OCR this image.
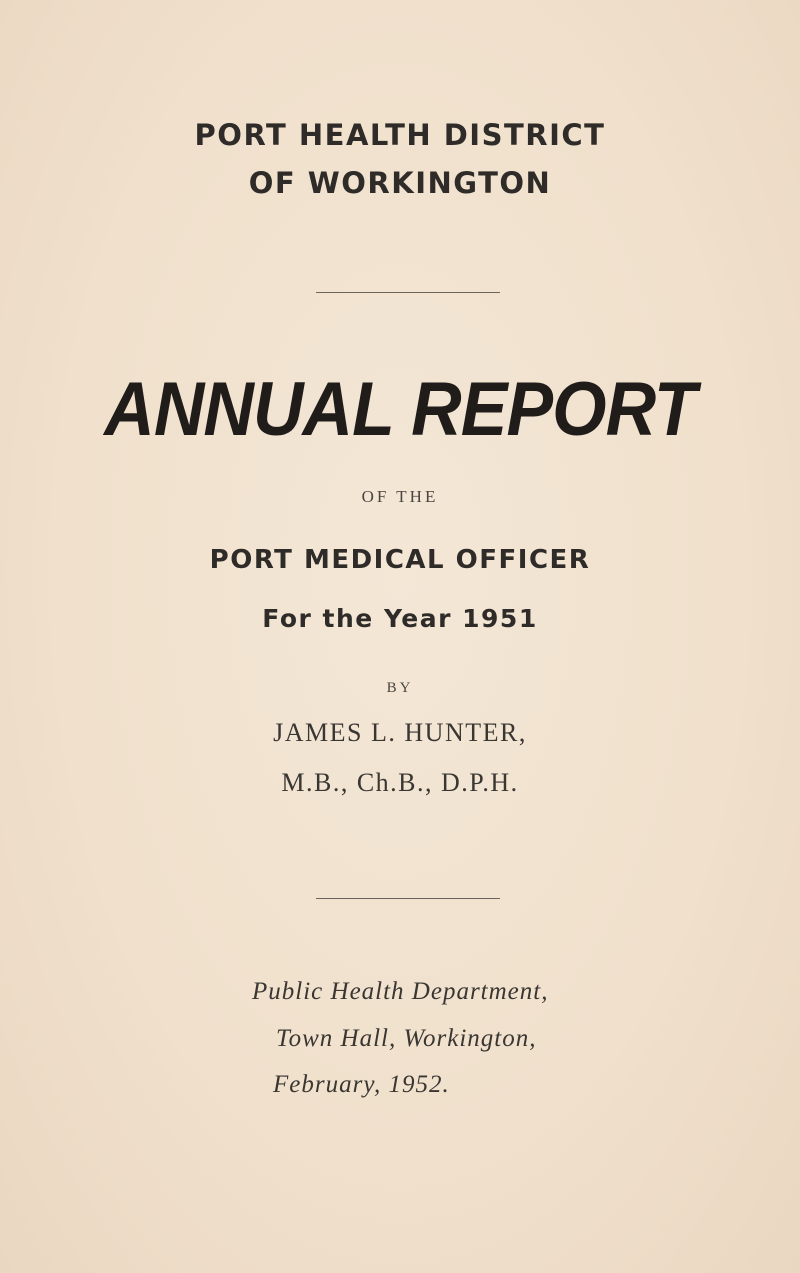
PORT HEALTH DISTRICT
OF WORKINGTON
ANNUAL REPORT
OF THE
PORT MEDICAL OFFICER
For the Year 1951
BY
JAMES L. HUNTER,
M.B., Ch.B., D.P.H.
Public Health Department,
Town Hall, Workington,
February, 1952.
